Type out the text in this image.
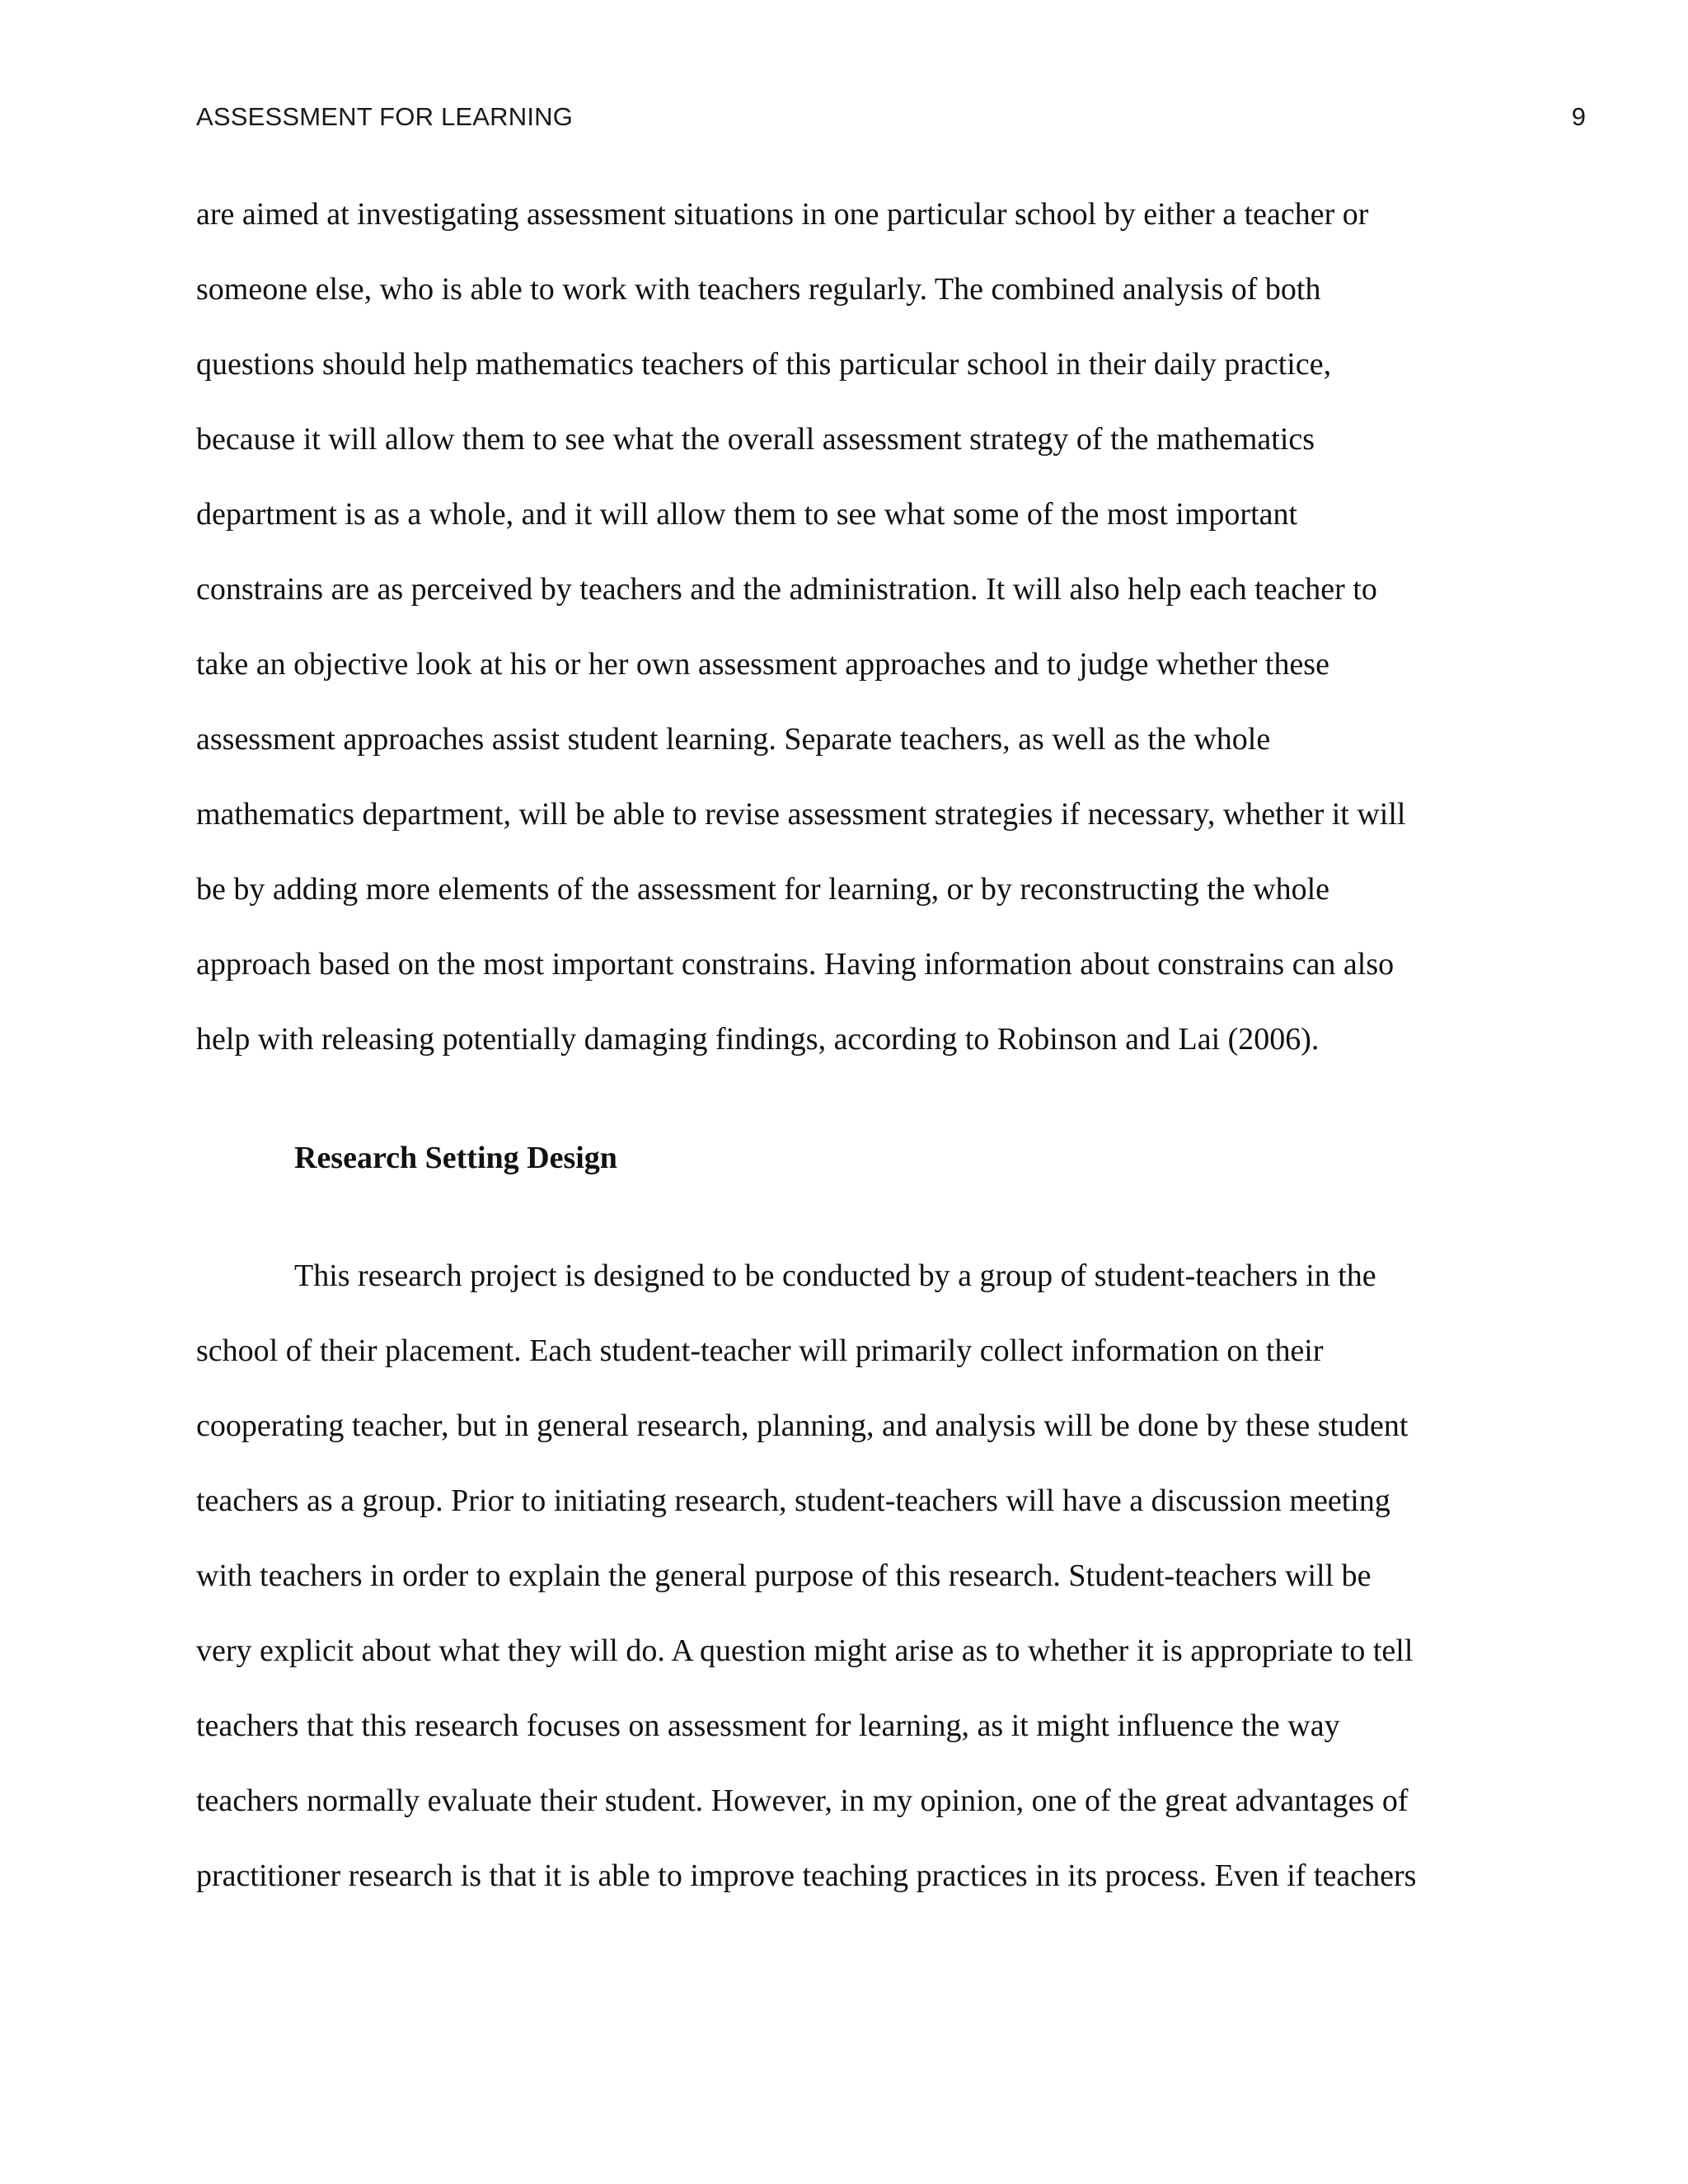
ASSESSMENT FOR LEARNING	9

are aimed at investigating assessment situations in one particular school by either a teacher or

someone else, who is able to work with teachers regularly. The combined analysis of both

questions should help mathematics teachers of this particular school in their daily practice,

because it will allow them to see what the overall assessment strategy of the mathematics

department is as a whole, and it will allow them to see what some of the most important

constrains are as perceived by teachers and the administration. It will also help each teacher to

take an objective look at his or her own assessment approaches and to judge whether these

assessment approaches assist student learning. Separate teachers, as well as the whole

mathematics department, will be able to revise assessment strategies if necessary, whether it will

be by adding more elements of the assessment for learning, or by reconstructing the whole

approach based on the most important constrains. Having information about constrains can also

help with releasing potentially damaging findings, according to Robinson and Lai (2006).

Research Setting Design

This research project is designed to be conducted by a group of student-teachers in the

school of their placement. Each student-teacher will primarily collect information on their

cooperating teacher, but in general research, planning, and analysis will be done by these student

teachers as a group. Prior to initiating research, student-teachers will have a discussion meeting

with teachers in order to explain the general purpose of this research. Student-teachers will be

very explicit about what they will do. A question might arise as to whether it is appropriate to tell

teachers that this research focuses on assessment for learning, as it might influence the way

teachers normally evaluate their student. However, in my opinion, one of the great advantages of

practitioner research is that it is able to improve teaching practices in its process. Even if teachers
